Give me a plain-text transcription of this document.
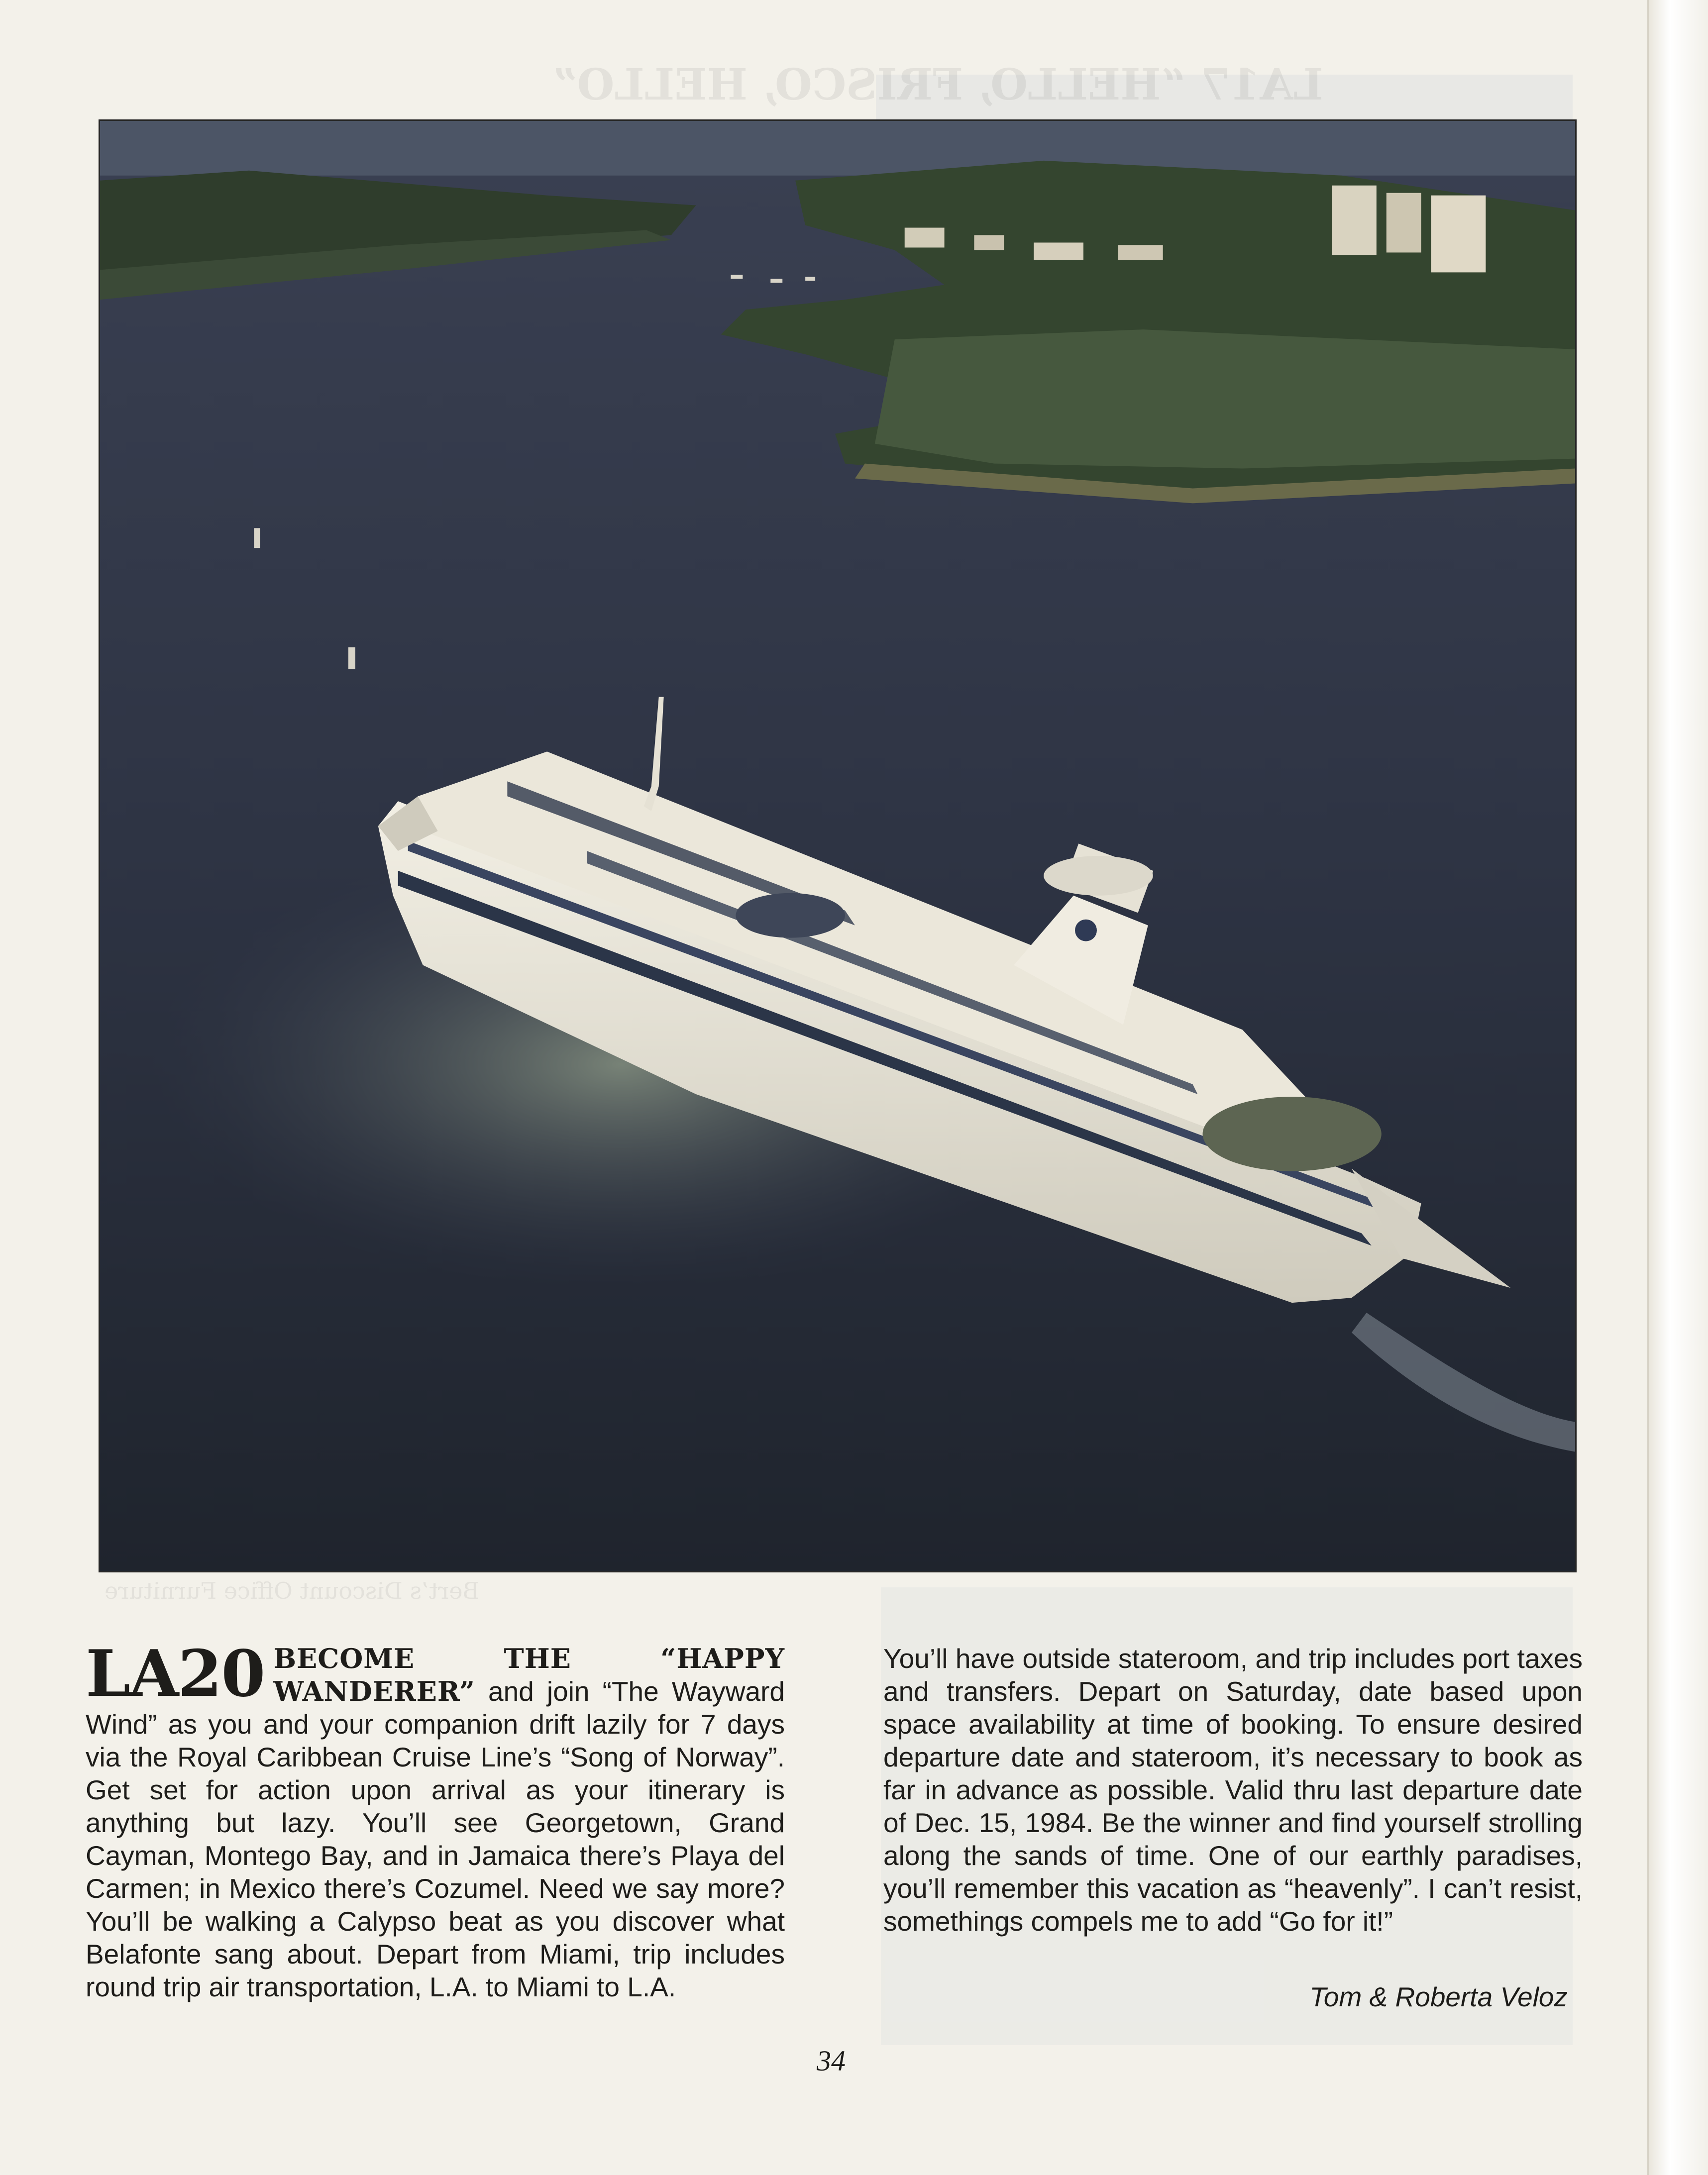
LA17 “HELLO, FRISCO, HELLO”
Bert’s Discount Office Furniture
LA20 BECOME THE “HAPPY WANDERER” and join “The Wayward Wind” as you and your companion drift lazily for 7 days via the Royal Caribbean Cruise Line’s “Song of Norway”. Get set for action upon arrival as your itinerary is anything but lazy. You’ll see Georgetown, Grand Cayman, Montego Bay, and in Jamaica there’s Playa del Carmen; in Mexico there’s Cozumel. Need we say more? You’ll be walking a Calypso beat as you discover what Belafonte sang about. Depart from Miami, trip includes round trip air transportation, L.A. to Miami to L.A.
You’ll have outside stateroom, and trip includes port taxes and transfers. Depart on Saturday, date based upon space availability at time of booking. To ensure desired departure date and stateroom, it’s necessary to book as far in advance as possible. Valid thru last departure date of Dec. 15, 1984. Be the winner and find yourself strolling along the sands of time. One of our earthly paradises, you’ll remember this vacation as “heavenly”. I can’t resist, somethings compels me to add “Go for it!”
Tom & Roberta Veloz
34
